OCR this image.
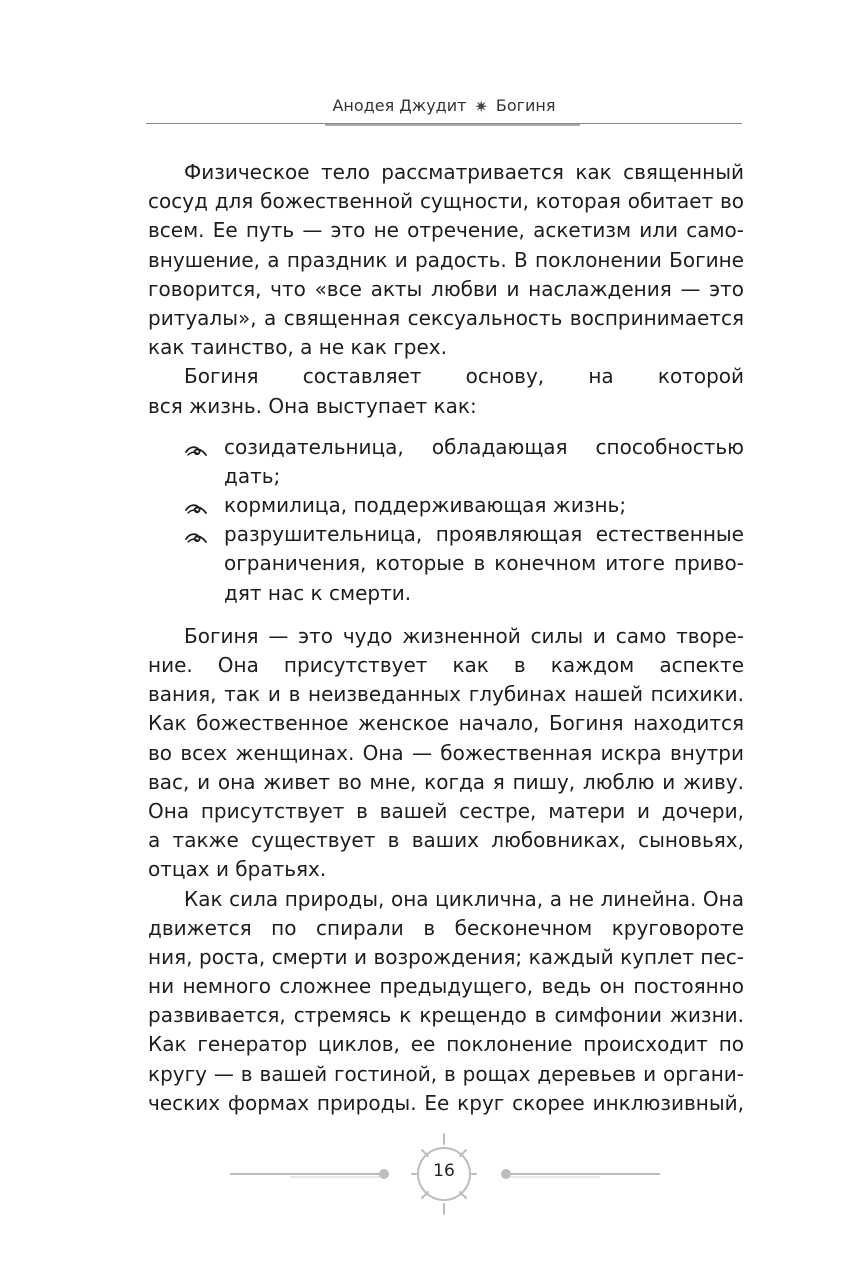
Анодея Джудит ✷ Богиня
Физическое тело рассматривается как священный
сосуд для божественной сущности, которая обитает во
всем. Ее путь — это не отречение, аскетизм или само-
внушение, а праздник и радость. В поклонении Богине
говорится, что «все акты любви и наслаждения — это
ритуалы», а священная сексуальность воспринимается
как таинство, а не как грех.
Богиня составляет основу, на которой
вся жизнь. Она выступает как:
созидательница, обладающая способностью
дать;
кормилица, поддерживающая жизнь;
разрушительница, проявляющая естественные
ограничения, которые в конечном итоге приво-
дят нас к смерти.
Богиня — это чудо жизненной силы и само творе-
ние. Она присутствует как в каждом аспекте
вания, так и в неизведанных глубинах нашей психики.
Как божественное женское начало, Богиня находится
во всех женщинах. Она — божественная искра внутри
вас, и она живет во мне, когда я пишу, люблю и живу.
Она присутствует в вашей сестре, матери и дочери,
а также существует в ваших любовниках, сыновьях,
отцах и братьях.
Как сила природы, она циклична, а не линейна. Она
движется по спирали в бесконечном круговороте
ния, роста, смерти и возрождения; каждый куплет пес-
ни немного сложнее предыдущего, ведь он постоянно
развивается, стремясь к крещендо в симфонии жизни.
Как генератор циклов, ее поклонение происходит по
кругу — в вашей гостиной, в рощах деревьев и органи-
ческих формах природы. Ее круг скорее инклюзивный,
16
